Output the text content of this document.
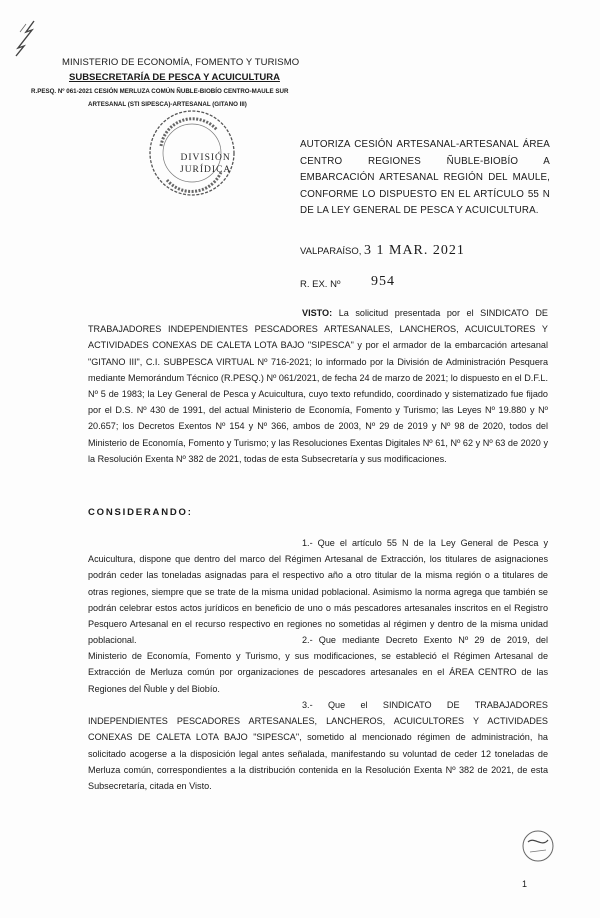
MINISTERIO DE ECONOMÍA, FOMENTO Y TURISMO
SUBSECRETARÍA DE PESCA Y ACUICULTURA
R.PESQ. Nº 061-2021 CESIÓN MERLUZA COMÚN ÑUBLE-BIOBÍO CENTRO-MAULE SUR
ARTESANAL (STI SIPESCA)-ARTESANAL (GITANO III)
DIVISIÓN
JURÍDICA
AUTORIZA CESIÓN ARTESANAL-ARTESANAL ÁREA CENTRO REGIONES ÑUBLE-BIOBÍO A EMBARCACIÓN ARTESANAL REGIÓN DEL MAULE, CONFORME LO DISPUESTO EN EL ARTÍCULO 55 N DE LA LEY GENERAL DE PESCA Y ACUICULTURA.
VALPARAÍSO, 3 1 MAR. 2021
R. EX. Nº 954
VISTO: La solicitud presentada por el SINDICATO DE TRABAJADORES INDEPENDIENTES PESCADORES ARTESANALES, LANCHEROS, ACUICULTORES Y ACTIVIDADES CONEXAS DE CALETA LOTA BAJO "SIPESCA" y por el armador de la embarcación artesanal "GITANO III", C.I. SUBPESCA VIRTUAL Nº 716-2021; lo informado por la División de Administración Pesquera mediante Memorándum Técnico (R.PESQ.) Nº 061/2021, de fecha 24 de marzo de 2021; lo dispuesto en el D.F.L. Nº 5 de 1983; la Ley General de Pesca y Acuicultura, cuyo texto refundido, coordinado y sistematizado fue fijado por el D.S. Nº 430 de 1991, del actual Ministerio de Economía, Fomento y Turismo; las Leyes Nº 19.880 y Nº 20.657; los Decretos Exentos Nº 154 y Nº 366, ambos de 2003, Nº 29 de 2019 y Nº 98 de 2020, todos del Ministerio de Economía, Fomento y Turismo; y las Resoluciones Exentas Digitales Nº 61, Nº 62 y Nº 63 de 2020 y la Resolución Exenta Nº 382 de 2021, todas de esta Subsecretaría y sus modificaciones.
CONSIDERANDO:
1.- Que el artículo 55 N de la Ley General de Pesca y Acuicultura, dispone que dentro del marco del Régimen Artesanal de Extracción, los titulares de asignaciones podrán ceder las toneladas asignadas para el respectivo año a otro titular de la misma región o a titulares de otras regiones, siempre que se trate de la misma unidad poblacional. Asimismo la norma agrega que también se podrán celebrar estos actos jurídicos en beneficio de uno o más pescadores artesanales inscritos en el Registro Pesquero Artesanal en el recurso respectivo en regiones no sometidas al régimen y dentro de la misma unidad poblacional.	2.- Que mediante Decreto Exento Nº 29 de 2019, del Ministerio de Economía, Fomento y Turismo, y sus modificaciones, se estableció el Régimen Artesanal de Extracción de Merluza común por organizaciones de pescadores artesanales en el ÁREA CENTRO de las Regiones del Ñuble y del Biobío.
3.- Que el SINDICATO DE TRABAJADORES INDEPENDIENTES PESCADORES ARTESANALES, LANCHEROS, ACUICULTORES Y ACTIVIDADES CONEXAS DE CALETA LOTA BAJO "SIPESCA", sometido al mencionado régimen de administración, ha solicitado acogerse a la disposición legal antes señalada, manifestando su voluntad de ceder 12 toneladas de Merluza común, correspondientes a la distribución contenida en la Resolución Exenta Nº 382 de 2021, de esta Subsecretaría, citada en Visto.
1
